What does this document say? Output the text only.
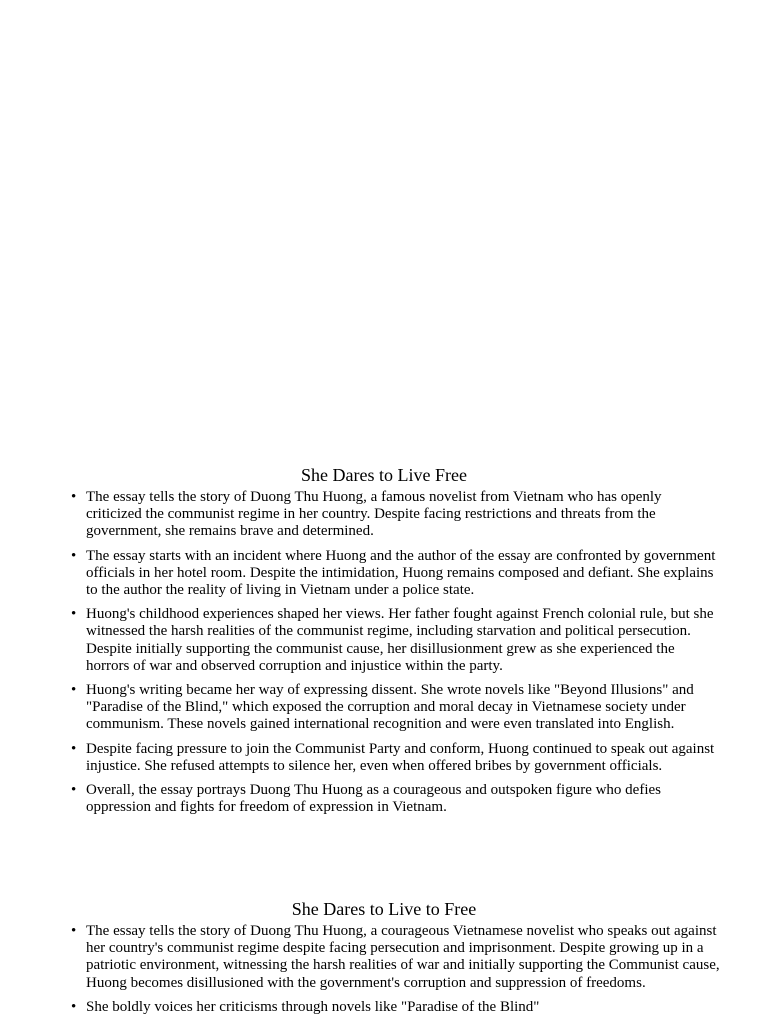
She Dares to Live Free
• The essay tells the story of Duong Thu Huong, a famous novelist from Vietnam who has openly criticized the communist regime in her country. Despite facing restrictions and threats from the government, she remains brave and determined.
• The essay starts with an incident where Huong and the author of the essay are confronted by government officials in her hotel room. Despite the intimidation, Huong remains composed and defiant. She explains to the author the reality of living in Vietnam under a police state.
• Huong's childhood experiences shaped her views. Her father fought against French colonial rule, but she witnessed the harsh realities of the communist regime, including starvation and political persecution. Despite initially supporting the communist cause, her disillusionment grew as she experienced the horrors of war and observed corruption and injustice within the party.
• Huong's writing became her way of expressing dissent. She wrote novels like "Beyond Illusions" and "Paradise of the Blind," which exposed the corruption and moral decay in Vietnamese society under communism. These novels gained international recognition and were even translated into English.
• Despite facing pressure to join the Communist Party and conform, Huong continued to speak out against injustice. She refused attempts to silence her, even when offered bribes by government officials.
• Overall, the essay portrays Duong Thu Huong as a courageous and outspoken figure who defies oppression and fights for freedom of expression in Vietnam.
She Dares to Live to Free
• The essay tells the story of Duong Thu Huong, a courageous Vietnamese novelist who speaks out against her country's communist regime despite facing persecution and imprisonment. Despite growing up in a patriotic environment, witnessing the harsh realities of war and initially supporting the Communist cause, Huong becomes disillusioned with the government's corruption and suppression of freedoms.
• She boldly voices her criticisms through novels like "Paradise of the Blind"
